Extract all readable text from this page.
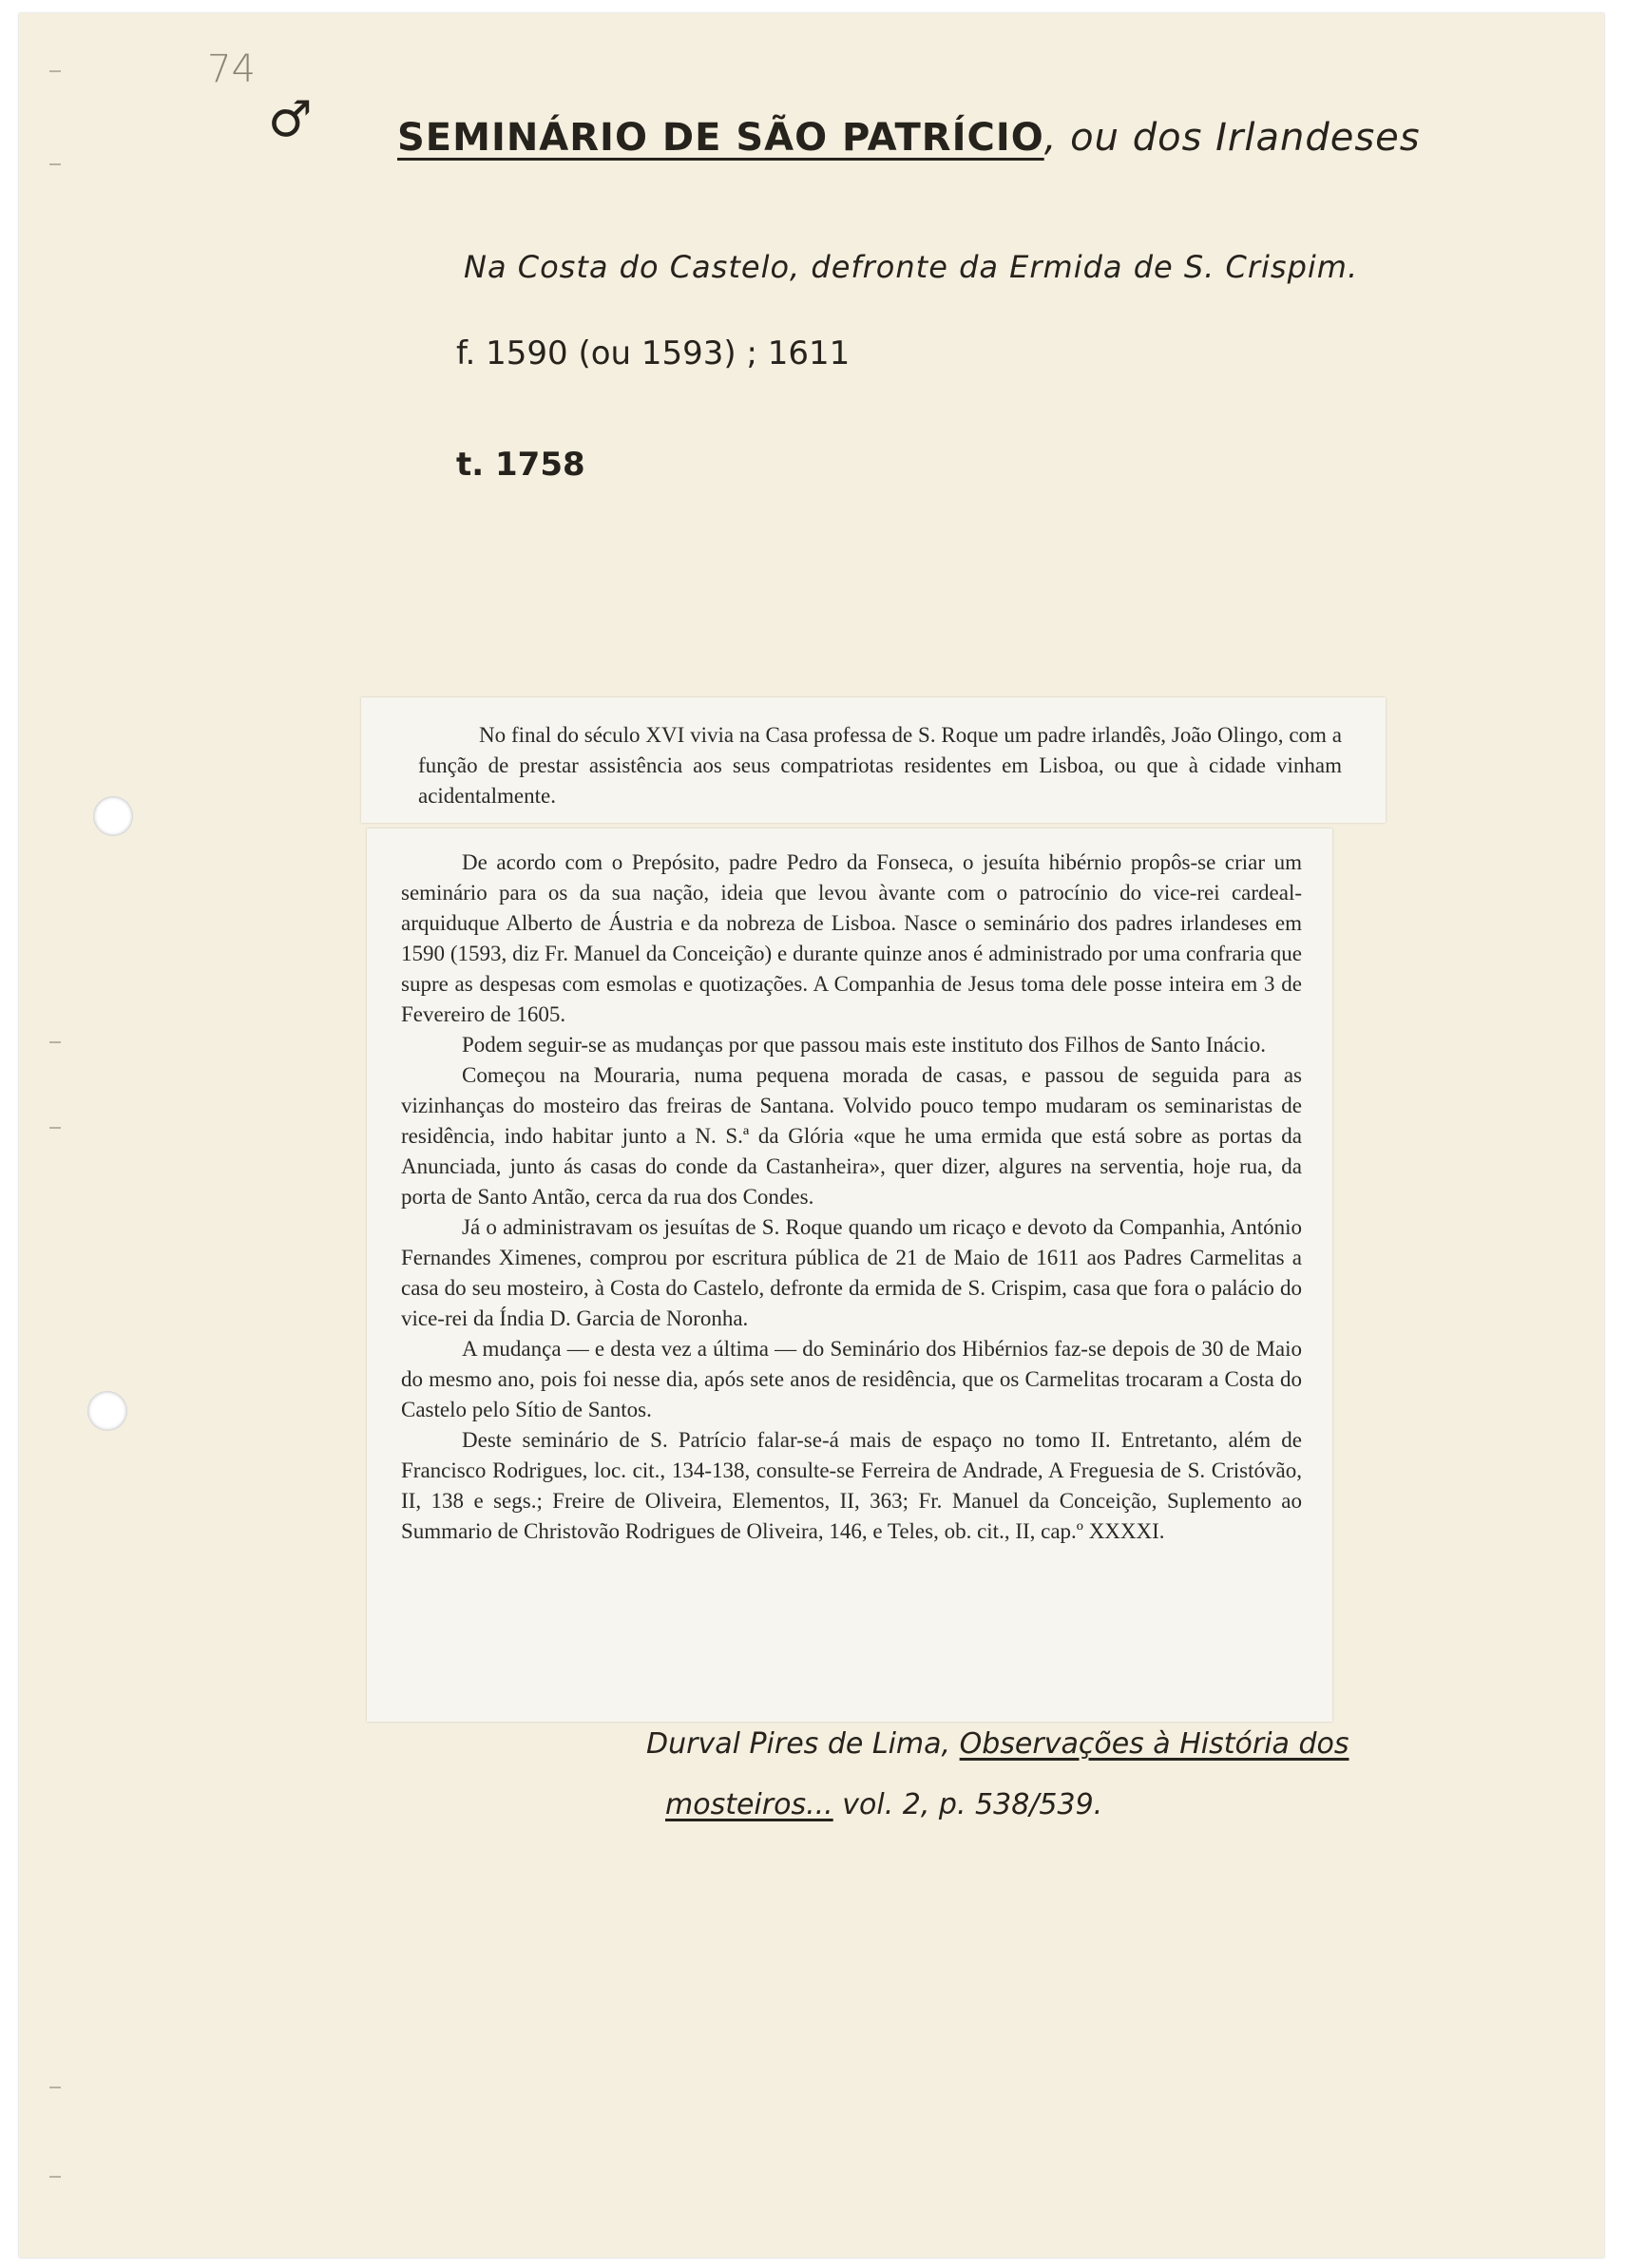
74
♂ SEMINÁRIO DE SÃO PATRÍCIO, ou dos Irlandeses
Na Costa do Castelo, defronte da Ermida de S. Crispim.
f. 1590 (ou 1593) ; 1611
t. 1758

No final do século XVI vivia na Casa professa de S. Roque um padre irlandês, João Olingo, com a função de prestar assistência aos seus compatriotas residentes em Lisboa, ou que à cidade vinham acidentalmente.

De acordo com o Prepósito, padre Pedro da Fonseca, o jesuíta hibérnio propôs-se criar um seminário para os da sua nação, ideia que levou àvante com o patrocínio do vice-rei cardeal-arquiduque Alberto de Áustria e da nobreza de Lisboa. Nasce o seminário dos padres irlandeses em 1590 (1593, diz Fr. Manuel da Conceição) e durante quinze anos é administrado por uma confraria que supre as despesas com esmolas e quotizações. A Companhia de Jesus toma dele posse inteira em 3 de Fevereiro de 1605.

Podem seguir-se as mudanças por que passou mais este instituto dos Filhos de Santo Inácio.

Começou na Mouraria, numa pequena morada de casas, e passou de seguida para as vizinhanças do mosteiro das freiras de Santana. Volvido pouco tempo mudaram os seminaristas de residência, indo habitar junto a N. S.ª da Glória «que he uma ermida que está sobre as portas da Anunciada, junto ás casas do conde da Castanheira», quer dizer, algures na serventia, hoje rua, da porta de Santo Antão, cerca da rua dos Condes.

Já o administravam os jesuítas de S. Roque quando um ricaço e devoto da Companhia, António Fernandes Ximenes, comprou por escritura pública de 21 de Maio de 1611 aos Padres Carmelitas a casa do seu mosteiro, à Costa do Castelo, defronte da ermida de S. Crispim, casa que fora o palácio do vice-rei da Índia D. Garcia de Noronha.

A mudança — e desta vez a última — do Seminário dos Hibérnios faz-se depois de 30 de Maio do mesmo ano, pois foi nesse dia, após sete anos de residência, que os Carmelitas trocaram a Costa do Castelo pelo Sítio de Santos.

Deste seminário de S. Patrício falar-se-á mais de espaço no tomo II. Entretanto, além de Francisco Rodrigues, loc. cit., 134-138, consulte-se Ferreira de Andrade, A Freguesia de S. Cristóvão, II, 138 e segs.; Freire de Oliveira, Elementos, II, 363; Fr. Manuel da Conceição, Suplemento ao Summario de Christovão Rodrigues de Oliveira, 146, e Teles, ob. cit., II, cap.º XXXXI.

Durval Pires de Lima, Observações à História dos
mosteiros... vol. 2, p. 538/539.
